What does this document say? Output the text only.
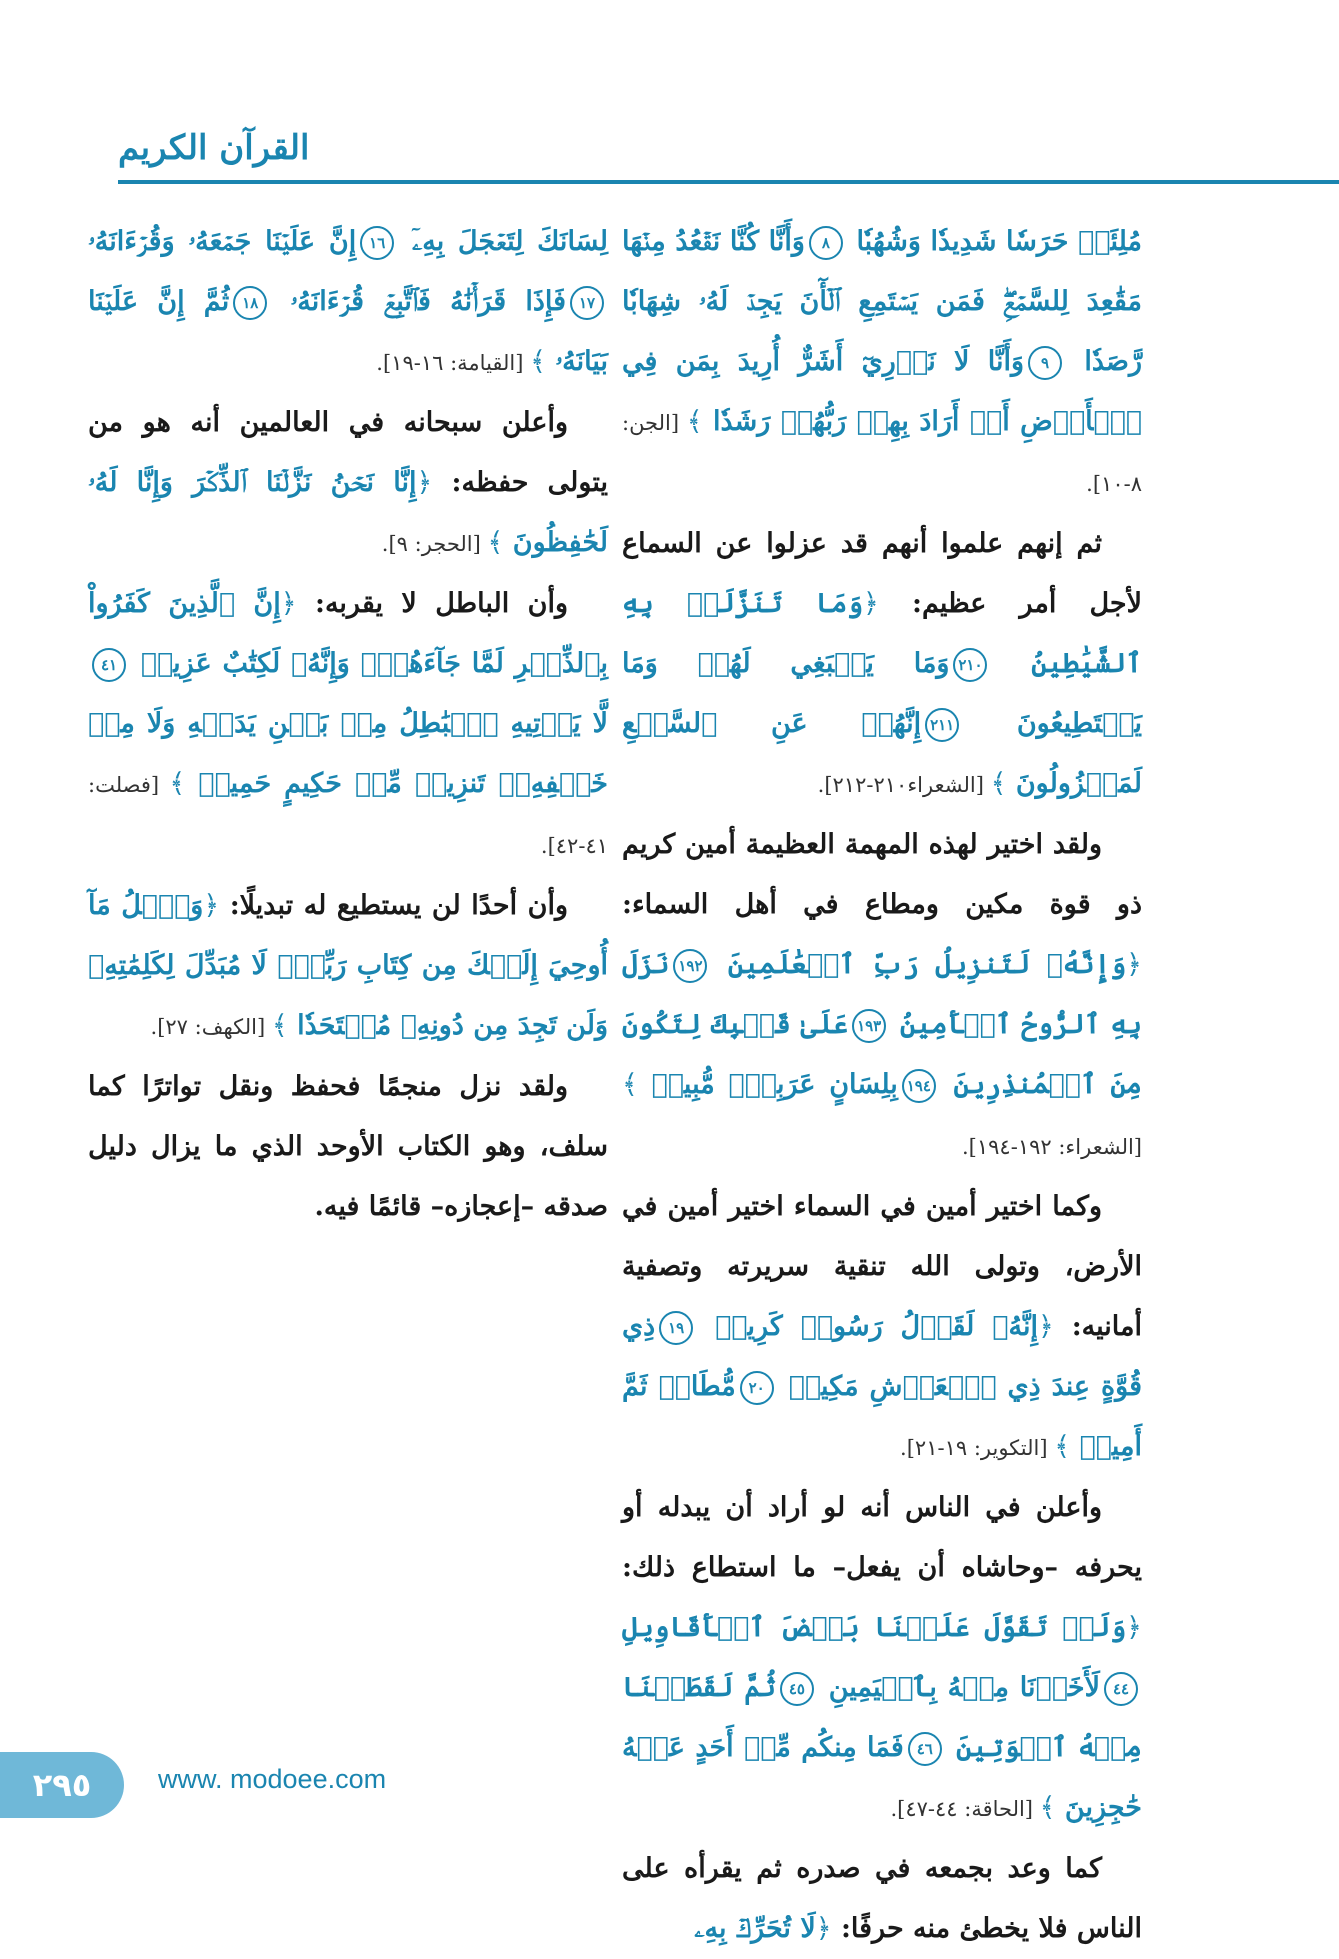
القرآن الكريم

مُلِئَتۡ حَرَسٗا شَدِيدٗا وَشُهُبٗا ٨وَأَنَّا كُنَّا نَقۡعُدُ مِنۡهَا مَقَٰعِدَ لِلسَّمۡعِۖ فَمَن يَسۡتَمِعِ ٱلۡأٓنَ يَجِدۡ لَهُۥ شِهَابٗا رَّصَدٗا ٩وَأَنَّا لَا نَدۡرِيٓ أَشَرٌّ أُرِيدَ بِمَن فِي ٱلۡأَرۡضِ أَمۡ أَرَادَ بِهِمۡ رَبُّهُمۡ رَشَدٗا ﴾ [الجن: ٨-١٠].

ثم إنهم علموا أنهم قد عزلوا عن السماع لأجل أمر عظيم: ﴿وَمَا تَنَزَّلَتۡ بِهِ ٱلشَّيَٰطِينُ ٢١٠وَمَا يَنۢبَغِي لَهُمۡ وَمَا يَسۡتَطِيعُونَ ٢١١إِنَّهُمۡ عَنِ ٱلسَّمۡعِ لَمَعۡزُولُونَ ﴾ [الشعراء٢١٠-٢١٢].

ولقد اختير لهذه المهمة العظيمة أمين كريم ذو قوة مكين ومطاع في أهل السماء: ﴿وَإِنَّهُۥ لَتَنزِيلُ رَبِّ ٱلۡعَٰلَمِينَ ١٩٢نَزَلَ بِهِ ٱلرُّوحُ ٱلۡأَمِينُ ١٩٣عَلَىٰ قَلۡبِكَ لِتَكُونَ مِنَ ٱلۡمُنذِرِينَ ١٩٤بِلِسَانٍ عَرَبِيّٖ مُّبِينٖ ﴾ [الشعراء: ١٩٢-١٩٤].

وكما اختير أمين في السماء اختير أمين في الأرض، وتولى الله تنقية سريرته وتصفية أمانيه: ﴿إِنَّهُۥ لَقَوۡلُ رَسُولٖ كَرِيمٖ ١٩ذِي قُوَّةٍ عِندَ ذِي ٱلۡعَرۡشِ مَكِينٖ ٢٠مُّطَاعٖ ثَمَّ أَمِينٖ ﴾ [التكوير: ١٩-٢١].

وأعلن في الناس أنه لو أراد أن يبدله أو يحرفه –وحاشاه أن يفعل– ما استطاع ذلك: ﴿وَلَوۡ تَقَوَّلَ عَلَيۡنَا بَعۡضَ ٱلۡأَقَاوِيلِ ٤٤لَأَخَذۡنَا مِنۡهُ بِٱلۡيَمِينِ ٤٥ثُمَّ لَقَطَعۡنَا مِنۡهُ ٱلۡوَتِينَ ٤٦فَمَا مِنكُم مِّنۡ أَحَدٍ عَنۡهُ حَٰجِزِينَ ﴾ [الحاقة: ٤٤-٤٧].

كما وعد بجمعه في صدره ثم يقرأه على الناس فلا يخطئ منه حرفًا: ﴿لَا تُحَرِّكۡ بِهِۦ

لِسَانَكَ لِتَعۡجَلَ بِهِۦٓ ١٦إِنَّ عَلَيۡنَا جَمۡعَهُۥ وَقُرۡءَانَهُۥ ١٧فَإِذَا قَرَأۡنَٰهُ فَٱتَّبِعۡ قُرۡءَانَهُۥ ١٨ثُمَّ إِنَّ عَلَيۡنَا بَيَانَهُۥ ﴾ [القيامة: ١٦-١٩].

وأعلن سبحانه في العالمين أنه هو من يتولى حفظه: ﴿إِنَّا نَحۡنُ نَزَّلۡنَا ٱلذِّكۡرَ وَإِنَّا لَهُۥ لَحَٰفِظُونَ ﴾ [الحجر: ٩].

وأن الباطل لا يقربه: ﴿إِنَّ ٱلَّذِينَ كَفَرُواْ بِٱلذِّكۡرِ لَمَّا جَآءَهُمۡۖ وَإِنَّهُۥ لَكِتَٰبٌ عَزِيزٞ ٤١لَّا يَأۡتِيهِ ٱلۡبَٰطِلُ مِنۢ بَيۡنِ يَدَيۡهِ وَلَا مِنۡ خَلۡفِهِۦۖ تَنزِيلٞ مِّنۡ حَكِيمٍ حَمِيدٖ ﴾ [فصلت: ٤١-٤٢].

وأن أحدًا لن يستطيع له تبديلًا: ﴿وَٱتۡلُ مَآ أُوحِيَ إِلَيۡكَ مِن كِتَابِ رَبِّكَۖ لَا مُبَدِّلَ لِكَلِمَٰتِهِۦ وَلَن تَجِدَ مِن دُونِهِۦ مُلۡتَحَدٗا ﴾ [الكهف: ٢٧].

ولقد نزل منجمًا فحفظ ونقل تواترًا كما سلف، وهو الكتاب الأوحد الذي ما يزال دليل صدقه –إعجازه– قائمًا فيه.

٢٩٥	www. modoee.com
